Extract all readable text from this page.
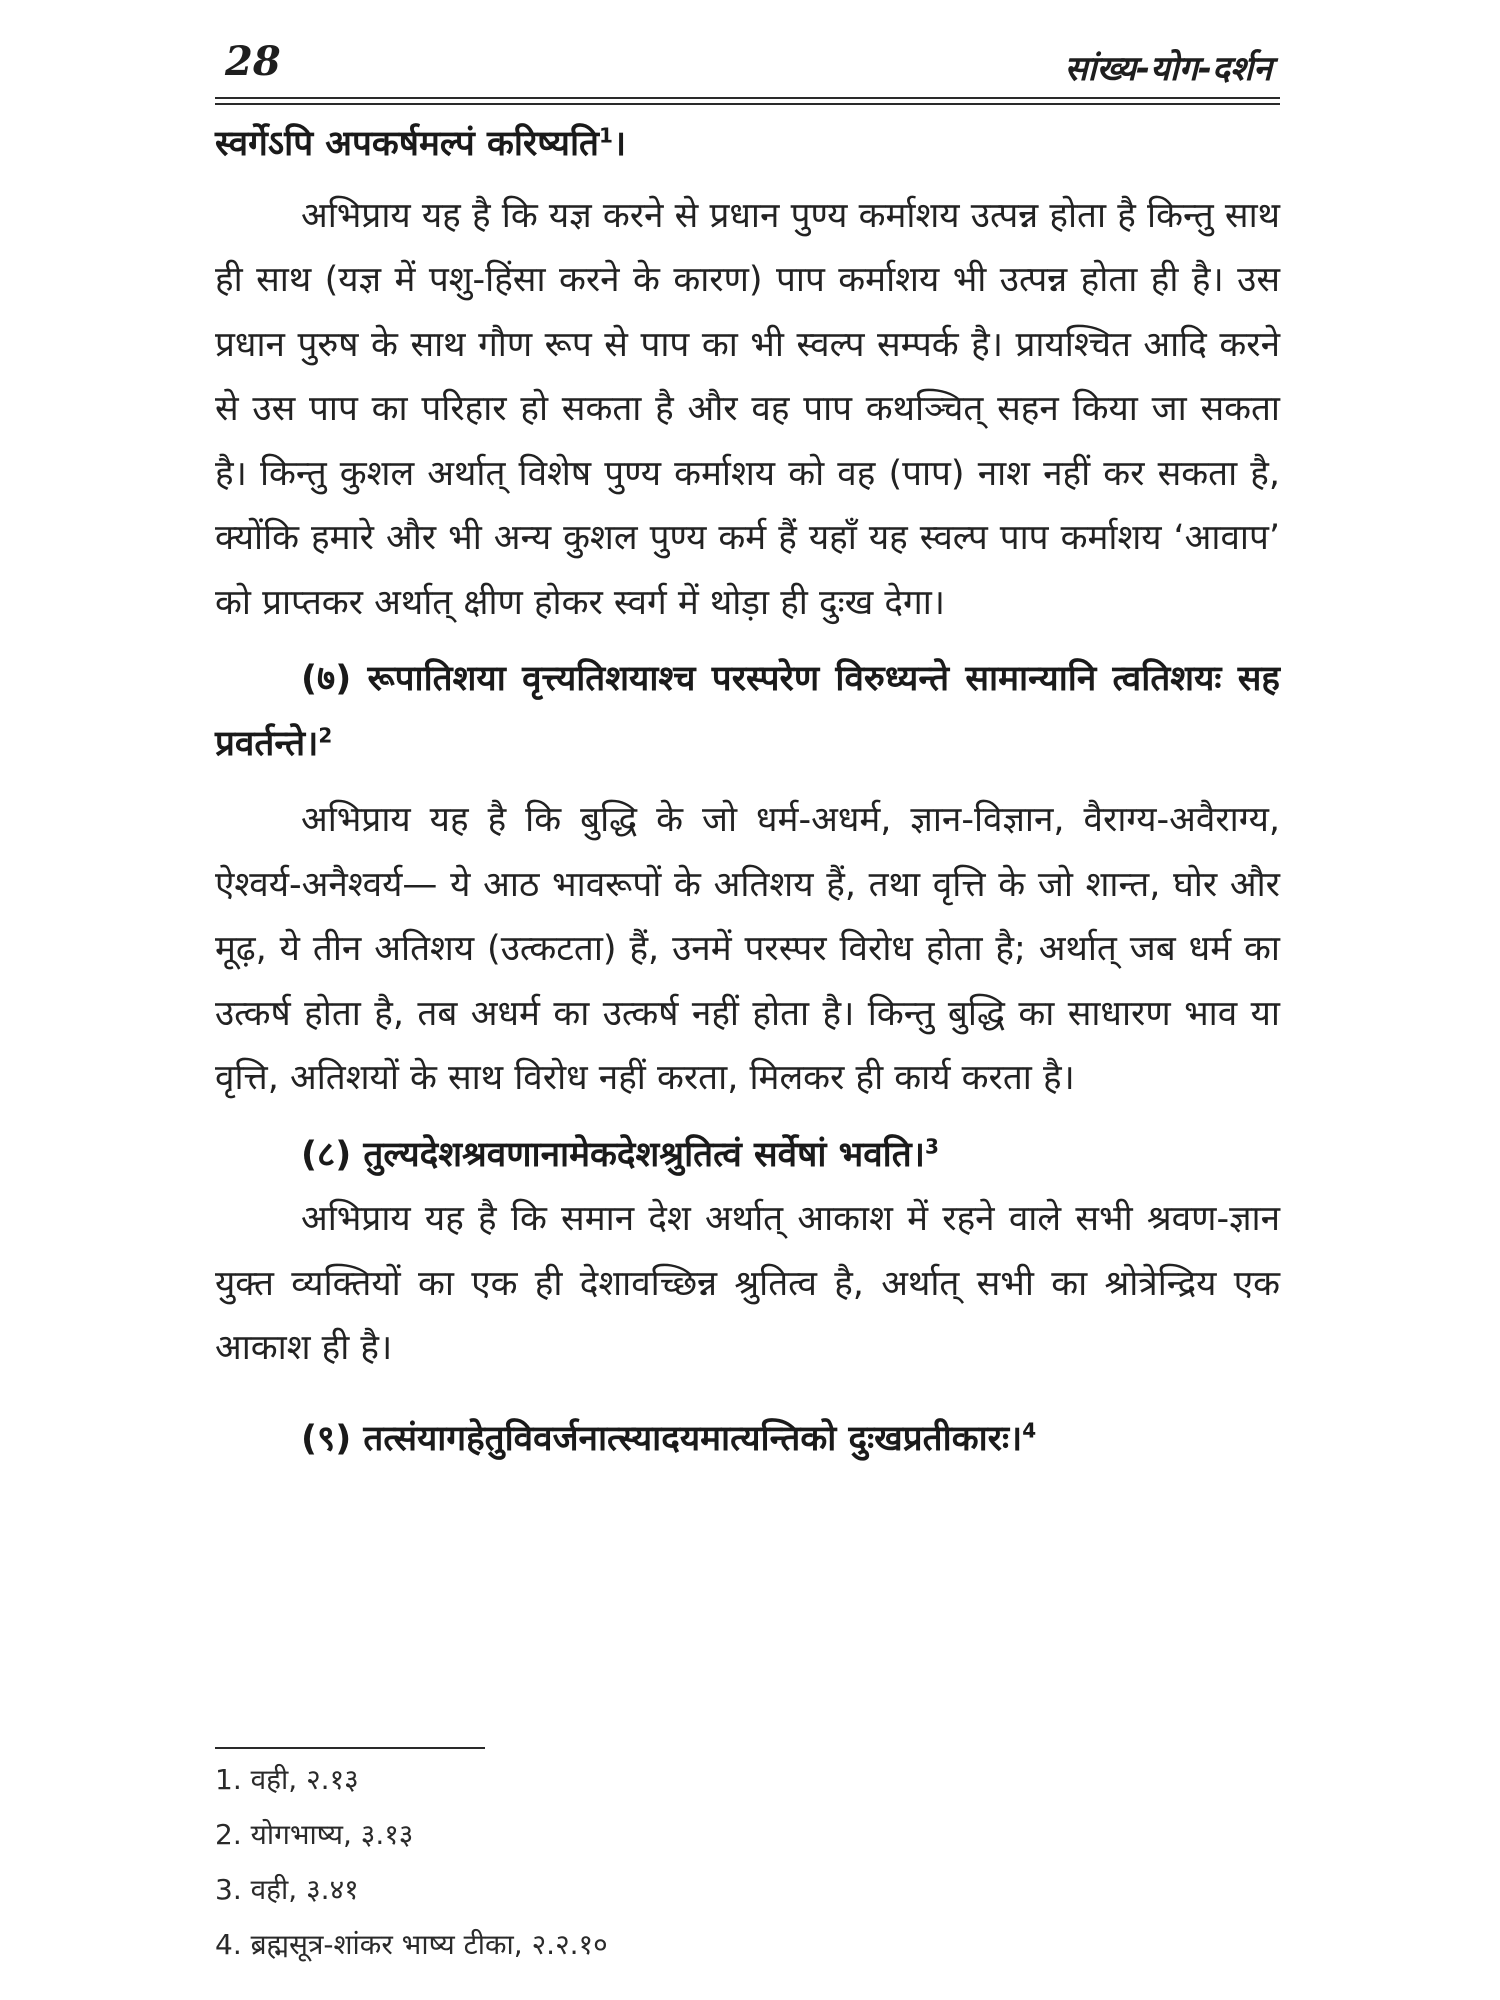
28	सांख्य-योग-दर्शन

स्वर्गेऽपि अपकर्षमल्पं करिष्यति$^1$।

अभिप्राय यह है कि यज्ञ करने से प्रधान पुण्य कर्माशय उत्पन्न होता है किन्तु साथ ही साथ (यज्ञ में पशु-हिंसा करने के कारण) पाप कर्माशय भी उत्पन्न होता ही है। उस प्रधान पुरुष के साथ गौण रूप से पाप का भी स्वल्प सम्पर्क है। प्रायश्चित आदि करने से उस पाप का परिहार हो सकता है और वह पाप कथञ्चित् सहन किया जा सकता है। किन्तु कुशल अर्थात् विशेष पुण्य कर्माशय को वह (पाप) नाश नहीं कर सकता है, क्योंकि हमारे और भी अन्य कुशल पुण्य कर्म हैं यहाँ यह स्वल्प पाप कर्माशय ‘आवाप’ को प्राप्तकर अर्थात् क्षीण होकर स्वर्ग में थोड़ा ही दुःख देगा।

(७) रूपातिशया वृत्त्यतिशयाश्च परस्परेण विरुध्यन्ते सामान्यानि त्वतिशयः सह प्रवर्तन्ते।$^2$

अभिप्राय यह है कि बुद्धि के जो धर्म-अधर्म, ज्ञान-विज्ञान, वैराग्य-अवैराग्य, ऐश्वर्य-अनैश्वर्य— ये आठ भावरूपों के अतिशय हैं, तथा वृत्ति के जो शान्त, घोर और मूढ़, ये तीन अतिशय (उत्कटता) हैं, उनमें परस्पर विरोध होता है; अर्थात् जब धर्म का उत्कर्ष होता है, तब अधर्म का उत्कर्ष नहीं होता है। किन्तु बुद्धि का साधारण भाव या वृत्ति, अतिशयों के साथ विरोध नहीं करता, मिलकर ही कार्य करता है।

(८) तुल्यदेशश्रवणानामेकदेशश्रुतित्वं सर्वेषां भवति।$^3$

अभिप्राय यह है कि समान देश अर्थात् आकाश में रहने वाले सभी श्रवण-ज्ञान युक्त व्यक्तियों का एक ही देशावच्छिन्न श्रुतित्व है, अर्थात् सभी का श्रोत्रेन्द्रिय एक आकाश ही है।

(९) तत्संयागहेतुविवर्जनात्स्यादयमात्यन्तिको दुःखप्रतीकारः।$^4$

1. वही, २.१३

2. योगभाष्य, ३.१३

3. वही, ३.४१

4. ब्रह्मसूत्र-शांकर भाष्य टीका, २.२.१०
